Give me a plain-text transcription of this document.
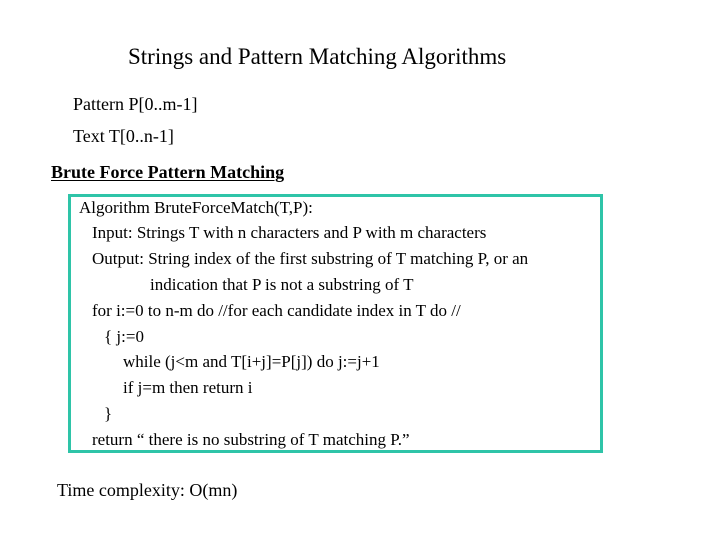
Strings and Pattern Matching Algorithms
Pattern P[0..m-1]
Text T[0..n-1]
Brute Force Pattern Matching
Algorithm BruteForceMatch(T,P):
Input: Strings T with n characters and P with m characters
Output: String index of the first substring of T matching P, or an
indication that P is not a substring of T
for i:=0 to n-m do //for each candidate index in T do //
{ j:=0
while (j<m and T[i+j]=P[j]) do j:=j+1
if j=m then return i
}
return “ there is no substring of T matching P.”
Time complexity: O(mn)
